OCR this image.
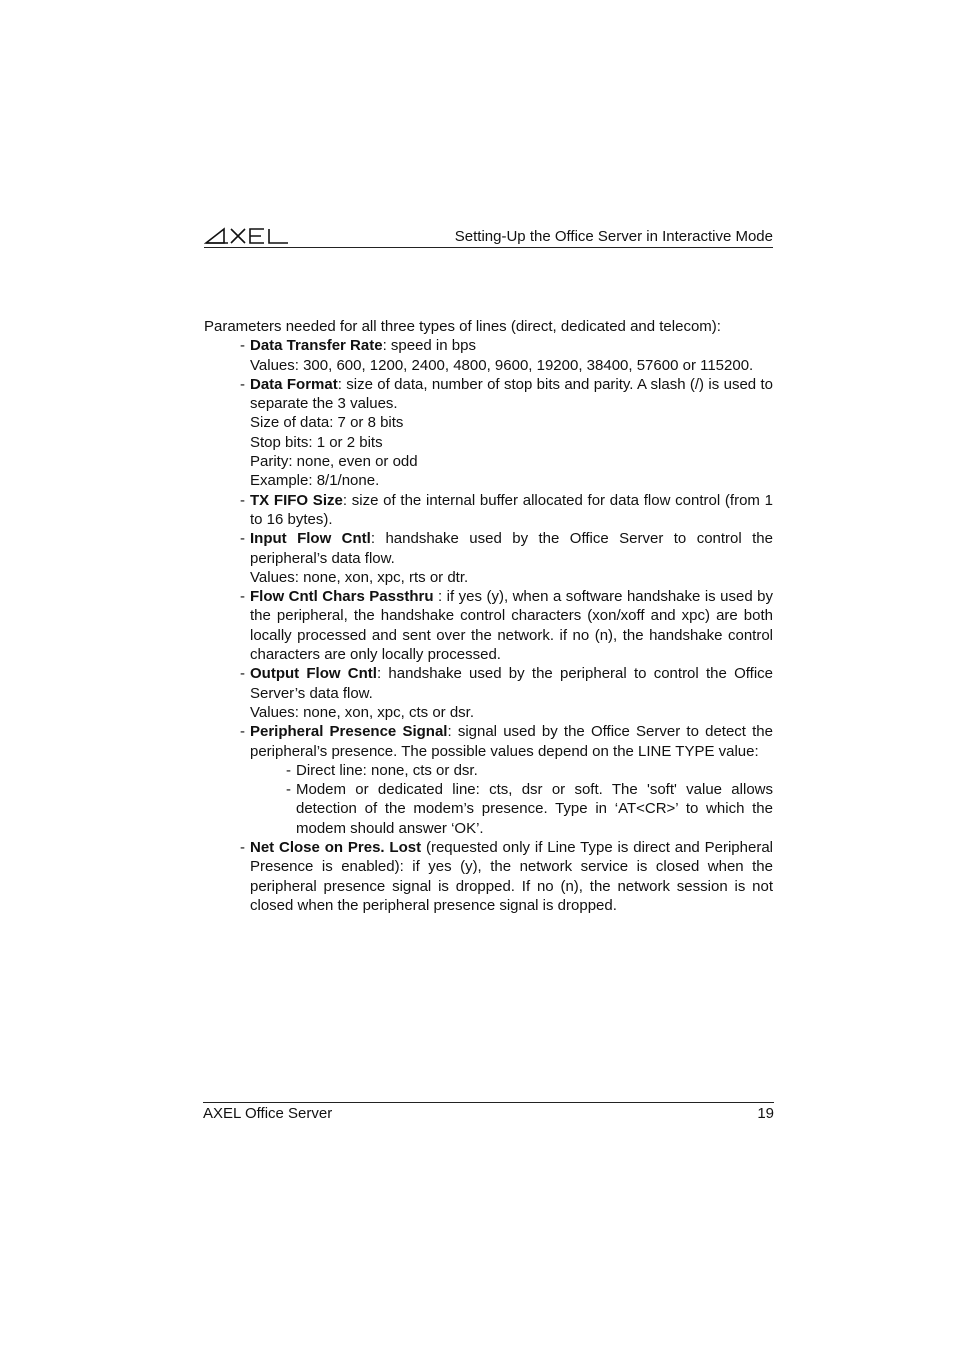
Setting-Up the Office Server in Interactive Mode

Parameters needed for all three types of lines (direct, dedicated and telecom):

- Data Transfer Rate: speed in bps

Values: 300, 600, 1200, 2400, 4800, 9600, 19200, 38400, 57600 or 115200.

- Data Format: size of data, number of stop bits and parity. A slash (/) is used to separate the 3 values.

Size of data: 7 or 8 bits

Stop bits: 1 or 2 bits

Parity: none, even or odd

Example: 8/1/none.

- TX FIFO Size: size of the internal buffer allocated for data flow control (from 1 to 16 bytes).

- Input Flow Cntl: handshake used by the Office Server to control the peripheral’s data flow.

Values: none, xon, xpc, rts or dtr.

- Flow Cntl Chars Passthru : if yes (y), when a software handshake is used by the peripheral, the handshake control characters (xon/xoff and xpc) are both locally processed and sent over the network. if no (n), the handshake control characters are only locally processed.

- Output Flow Cntl: handshake used by the peripheral to control the Office Server’s data flow.

Values: none, xon, xpc, cts or dsr.

- Peripheral Presence Signal: signal used by the Office Server to detect the peripheral’s presence. The possible values depend on the LINE TYPE value:

- Direct line: none, cts or dsr.

- Modem or dedicated line: cts, dsr or soft. The 'soft' value allows detection of the modem’s presence. Type in ‘AT<CR>’ to which the modem should answer ‘OK’.

- Net Close on Pres. Lost (requested only if Line Type is direct and Peripheral Presence is enabled): if yes (y), the network service is closed when the peripheral presence signal is dropped. If no (n), the network session is not closed when the peripheral presence signal is dropped.

AXEL Office Server	19
